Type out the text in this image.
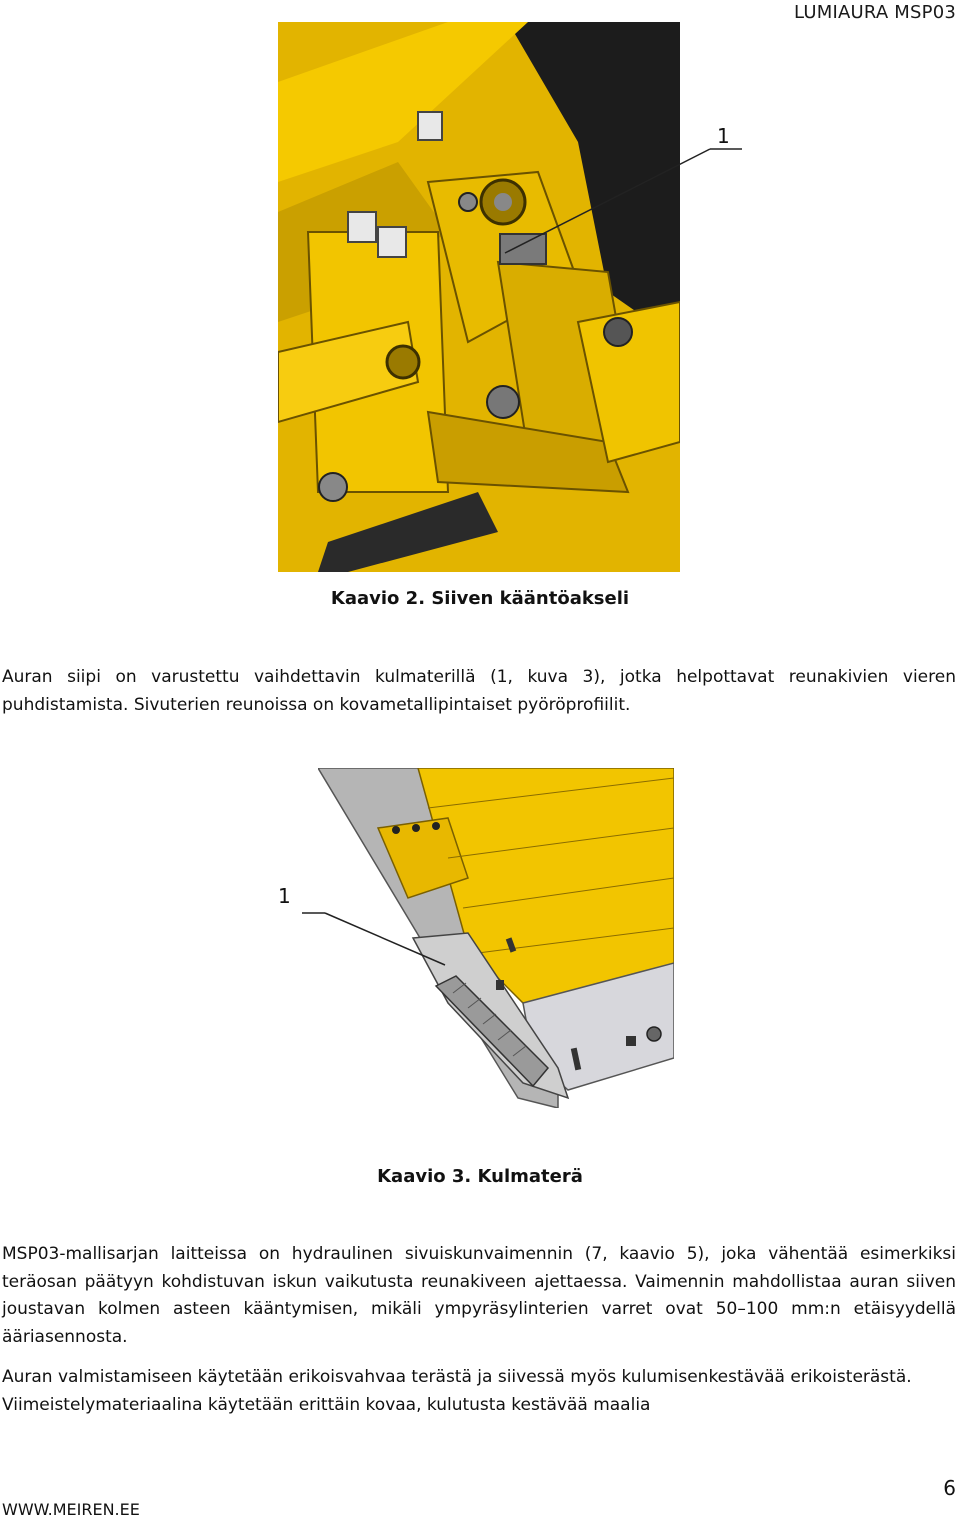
LUMIAURA MSP03
1
Kaavio 2. Siiven kääntöakseli
Auran siipi on varustettu vaihdettavin kulmaterillä (1, kuva 3), jotka helpottavat reunakivien vieren puhdistamista. Sivuterien reunoissa on kovametallipintaiset pyöröprofiilit.
1
Kaavio 3. Kulmaterä
MSP03-mallisarjan laitteissa on hydraulinen sivuiskunvaimennin (7, kaavio 5), joka vähentää esimerkiksi teräosan päätyyn kohdistuvan iskun vaikutusta reunakiveen ajettaessa. Vaimennin mahdollistaa auran siiven joustavan kolmen asteen kääntymisen, mikäli ympyräsylinterien varret ovat 50–100 mm:n etäisyydellä ääriasennosta.
Auran valmistamiseen käytetään erikoisvahvaa terästä ja siivessä myös kulumisenkestävää erikoisterästä. Viimeistelymateriaalina käytetään erittäin kovaa, kulutusta kestävää maalia
WWW.MEIREN.EE
6
